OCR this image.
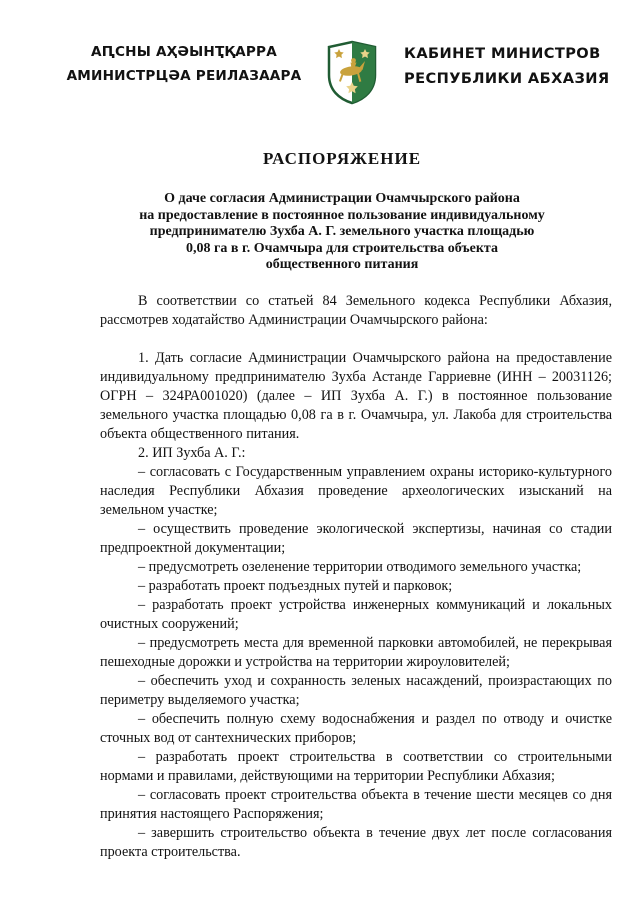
АԤСНЫ АҲӘЫНҬҚАРРА
АМИНИСТРЦӘА РЕИЛАЗААРА
КАБИНЕТ МИНИСТРОВ
РЕСПУБЛИКИ АБХАЗИЯ
РАСПОРЯЖЕНИЕ
О даче согласия Администрации Очамчырского района
на предоставление в постоянное пользование индивидуальному
предпринимателю Зухба А. Г. земельного участка площадью
0,08 га в г. Очамчыра для строительства объекта
общественного питания

В соответствии со статьей 84 Земельного кодекса Республики Абхазия, рассмотрев ходатайство Администрации Очамчырского района:

1. Дать согласие Администрации Очамчырского района на предоставление индивидуальному предпринимателю Зухба Астанде Гарриевне (ИНН – 20031126; ОГРН – 324РА001020) (далее – ИП Зухба А. Г.) в постоянное пользование земельного участка площадью 0,08 га в г. Очамчыра, ул. Лакоба для строительства объекта общественного питания.

2. ИП Зухба А. Г.:

– согласовать с Государственным управлением охраны историко-культурного наследия Республики Абхазия проведение археологических изысканий на земельном участке;

– осуществить проведение экологической экспертизы, начиная со стадии предпроектной документации;

– предусмотреть озеленение территории отводимого земельного участка;

– разработать проект подъездных путей и парковок;

– разработать проект устройства инженерных коммуникаций и локальных очистных сооружений;

– предусмотреть места для временной парковки автомобилей, не перекрывая пешеходные дорожки и устройства на территории жироуловителей;

– обеспечить уход и сохранность зеленых насаждений, произрастающих по периметру выделяемого участка;

– обеспечить полную схему водоснабжения и раздел по отводу и очистке сточных вод от сантехнических приборов;

– разработать проект строительства в соответствии со строительными нормами и правилами, действующими на территории Республики Абхазия;

– согласовать проект строительства объекта в течение шести месяцев со дня принятия настоящего Распоряжения;

– завершить строительство объекта в течение двух лет после согласования проекта строительства.
